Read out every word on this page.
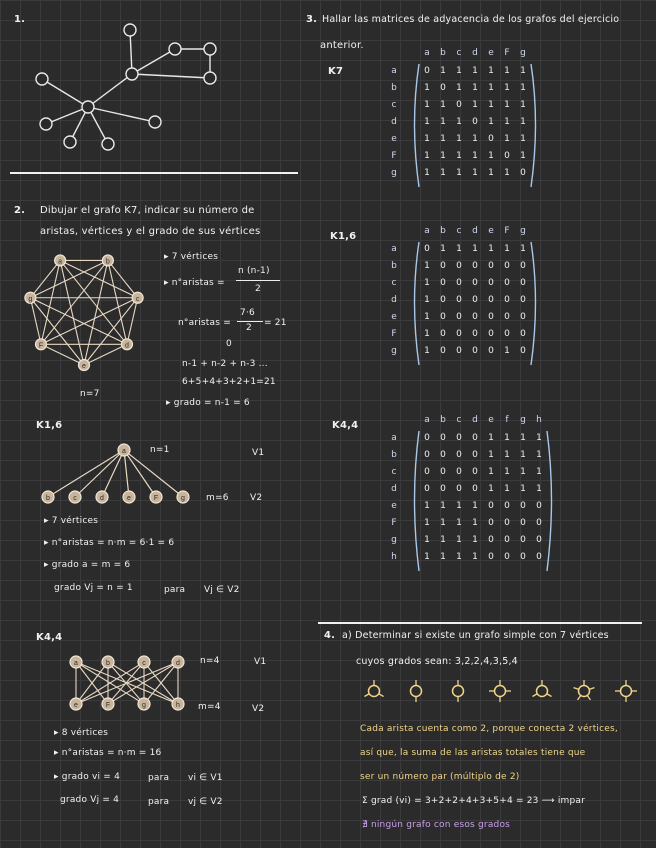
1.
2. Dibujar el grafo K7, indicar su número de
aristas, vértices y el grado de sus vértices
a	b
c
d
e
F
g
n=7
▸ 7 vértices
▸ n°aristas =
n (n-1)
2
n°aristas =
7·6
2 = 21
0
n-1 + n-2 + n-3 ...
6+5+4+3+2+1=21
▸ grado = n-1 = 6
K1,6
a
b	c	d	e	F	g
n=1	V1
m=6 V2
▸ 7 vértices
▸ n°aristas = n·m = 6·1 = 6
▸ grado a = m = 6
grado Vj = n = 1	para Vj ∈ V2
K4,4
a	b	c	d
e	F	g	h
n=4	V1
m=4	V2
▸ 8 vértices
▸ n°aristas = n·m = 16
▸ grado vi = 4	para vi ∈ V1
grado Vj = 4	para vj ∈ V2
3. Hallar las matrices de adyacencia de los grafos del ejercicio
anterior.
K7
a	b	c	d	e	F	g
a	0	1	1	1	1	1	1
b	1	0	1	1	1	1	1
c	1	1	0	1	1	1	1
d	1	1	1	0	1	1	1
e	1	1	1	1	0	1	1
F	1	1	1	1	1	0	1
g	1	1	1	1	1	1	0
K1,6	a	b	c	d	e	F	g
a	0	1	1	1	1	1	1
b	1	0	0	0	0	0	0
c	1	0	0	0	0	0	0
d	1	0	0	0	0	0	0
e	1	0	0	0	0	0	0
F	1	0	0	0	0	0	0
g	1	0	0	0	0	1	0
K4,4	a	b	c	d	e	f	g	h
a	0	0	0	0	1	1	1	1
b	0	0	0	0	1	1	1	1
c	0	0	0	0	1	1	1	1
d	0	0	0	0	1	1	1	1
e	1	1	1	1	0	0	0	0
F	1	1	1	1	0	0	0	0
g	1	1	1	1	0	0	0	0
h	1	1	1	1	0	0	0	0
4. a) Determinar si existe un grafo simple con 7 vértices
cuyos grados sean: 3,2,2,4,3,5,4
Cada arista cuenta como 2, porque conecta 2 vértices,
así que, la suma de las aristas totales tiene que
ser un número par (múltiplo de 2)
Σ grad (vi) = 3+2+2+4+3+5+4 = 23 ⟶ impar
∄ ningún grafo con esos grados
